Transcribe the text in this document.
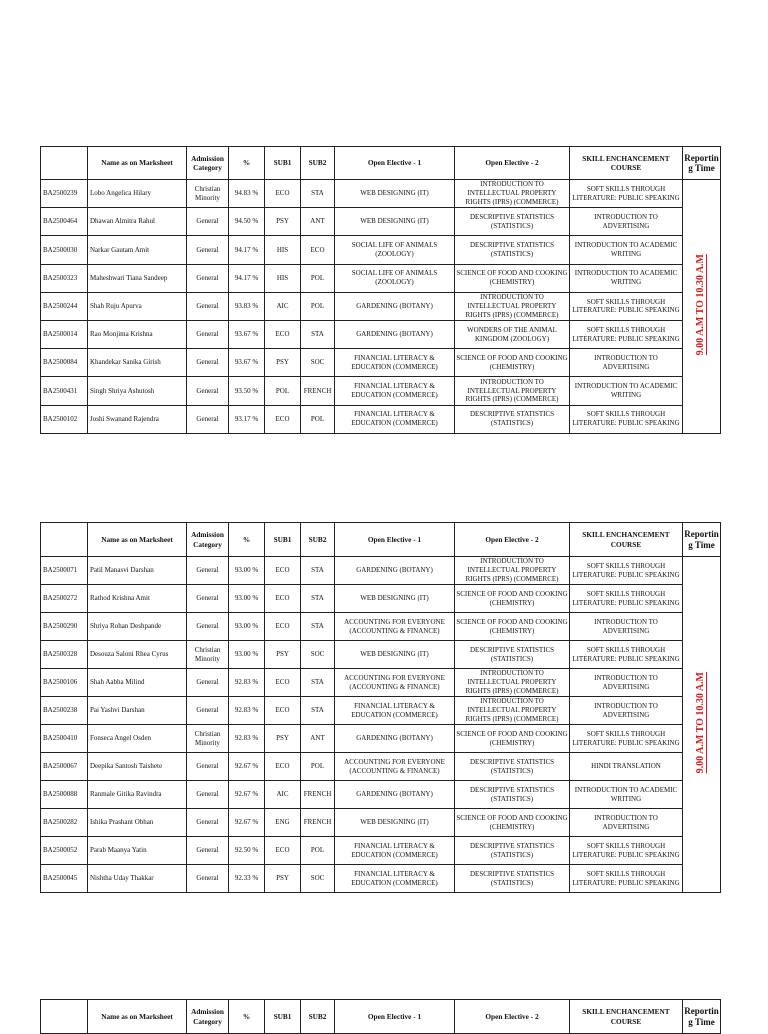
	Name as on Marksheet	Admission Category	%	SUB1	SUB2	Open Elective - 1	Open Elective - 2	SKILL ENCHANCEMENT COURSE	Reportin g Time
BA2500239	Lobo Angelica Hilary	Christian Minority	94.83 %	ECO	STA	WEB DESIGNING (IT)	INTRODUCTION TO INTELLECTUAL PROPERTY RIGHTS (IPRS) (COMMERCE)	SOFT SKILLS THROUGH LITERATURE: PUBLIC SPEAKING	9.00 A.M TO 10.30 A.M
BA2500464	Dhawan Almitra Rahul	General	94.50 %	PSY	ANT	WEB DESIGNING (IT)	DESCRIPTIVE STATISTICS (STATISTICS)	INTRODUCTION TO ADVERTISING	
BA2500030	Narkar Gautam Amit	General	94.17 %	HIS	ECO	SOCIAL LIFE OF ANIMALS (ZOOLOGY)	DESCRIPTIVE STATISTICS (STATISTICS)	INTRODUCTION TO ACADEMIC WRITING	
BA2500323	Maheshwari Tiana Sandeep	General	94.17 %	HIS	POL	SOCIAL LIFE OF ANIMALS (ZOOLOGY)	SCIENCE OF FOOD AND COOKING (CHEMISTRY)	INTRODUCTION TO ACADEMIC WRITING	
BA2500244	Shah Ruju Apurva	General	93.83 %	AIC	POL	GARDENING (BOTANY)	INTRODUCTION TO INTELLECTUAL PROPERTY RIGHTS (IPRS) (COMMERCE)	SOFT SKILLS THROUGH LITERATURE: PUBLIC SPEAKING	
BA2500014	Rao Monjima Krishna	General	93.67 %	ECO	STA	GARDENING (BOTANY)	WONDERS OF THE ANIMAL KINGDOM (ZOOLOGY)	SOFT SKILLS THROUGH LITERATURE: PUBLIC SPEAKING	
BA2500084	Khandekar Sanika Girish	General	93.67 %	PSY	SOC	FINANCIAL LITERACY & EDUCATION (COMMERCE)	SCIENCE OF FOOD AND COOKING (CHEMISTRY)	INTRODUCTION TO ADVERTISING	
BA2500431	Singh Shriya Ashutosh	General	93.50 %	POL	FRENCH	FINANCIAL LITERACY & EDUCATION (COMMERCE)	INTRODUCTION TO INTELLECTUAL PROPERTY RIGHTS (IPRS) (COMMERCE)	INTRODUCTION TO ACADEMIC WRITING	
BA2500102	Joshi Swanand Rajendra	General	93.17 %	ECO	POL	FINANCIAL LITERACY & EDUCATION (COMMERCE)	DESCRIPTIVE STATISTICS (STATISTICS)	SOFT SKILLS THROUGH LITERATURE: PUBLIC SPEAKING	
	Name as on Marksheet	Admission Category	%	SUB1	SUB2	Open Elective - 1	Open Elective - 2	SKILL ENCHANCEMENT COURSE	Reportin g Time
BA2500071	Patil Manasvi Darshan	General	93.00 %	ECO	STA	GARDENING (BOTANY)	INTRODUCTION TO INTELLECTUAL PROPERTY RIGHTS (IPRS) (COMMERCE)	SOFT SKILLS THROUGH LITERATURE: PUBLIC SPEAKING	9.00 A.M TO 10.30 A.M
BA2500272	Rathod Krishna Amit	General	93.00 %	ECO	STA	WEB DESIGNING (IT)	SCIENCE OF FOOD AND COOKING (CHEMISTRY)	SOFT SKILLS THROUGH LITERATURE: PUBLIC SPEAKING	
BA2500290	Shriya Rohan Deshpande	General	93.00 %	ECO	STA	ACCOUNTING FOR EVERYONE (ACCOUNTING & FINANCE)	SCIENCE OF FOOD AND COOKING (CHEMISTRY)	INTRODUCTION TO ADVERTISING	
BA2500328	Desouza Saloni Rhea Cyrus	Christian Minority	93.00 %	PSY	SOC	WEB DESIGNING (IT)	DESCRIPTIVE STATISTICS (STATISTICS)	SOFT SKILLS THROUGH LITERATURE: PUBLIC SPEAKING	
BA2500106	Shah Aabha Milind	General	92.83 %	ECO	STA	ACCOUNTING FOR EVERYONE (ACCOUNTING & FINANCE)	INTRODUCTION TO INTELLECTUAL PROPERTY RIGHTS (IPRS) (COMMERCE)	INTRODUCTION TO ADVERTISING	
BA2500238	Pai Yashvi Darshan	General	92.83 %	ECO	STA	FINANCIAL LITERACY & EDUCATION (COMMERCE)	INTRODUCTION TO INTELLECTUAL PROPERTY RIGHTS (IPRS) (COMMERCE)	INTRODUCTION TO ADVERTISING	
BA2500410	Fonseca Angel Osden	Christian Minority	92.83 %	PSY	ANT	GARDENING (BOTANY)	SCIENCE OF FOOD AND COOKING (CHEMISTRY)	SOFT SKILLS THROUGH LITERATURE: PUBLIC SPEAKING	
BA2500067	Deepika Santosh Taishete	General	92.67 %	ECO	POL	ACCOUNTING FOR EVERYONE (ACCOUNTING & FINANCE)	DESCRIPTIVE STATISTICS (STATISTICS)	HINDI TRANSLATION	
BA2500088	Ranmale Gitika Ravindra	General	92.67 %	AIC	FRENCH	GARDENING (BOTANY)	DESCRIPTIVE STATISTICS (STATISTICS)	INTRODUCTION TO ACADEMIC WRITING	
BA2500282	Ishika Prashant Obhan	General	92.67 %	ENG	FRENCH	WEB DESIGNING (IT)	SCIENCE OF FOOD AND COOKING (CHEMISTRY)	INTRODUCTION TO ADVERTISING	
BA2500052	Parab Maanya Yatin	General	92.50 %	ECO	POL	FINANCIAL LITERACY & EDUCATION (COMMERCE)	DESCRIPTIVE STATISTICS (STATISTICS)	SOFT SKILLS THROUGH LITERATURE: PUBLIC SPEAKING	
BA2500045	Nishtha Uday Thakkar	General	92.33 %	PSY	SOC	FINANCIAL LITERACY & EDUCATION (COMMERCE)	DESCRIPTIVE STATISTICS (STATISTICS)	SOFT SKILLS THROUGH LITERATURE: PUBLIC SPEAKING	
	Name as on Marksheet	Admission Category	%	SUB1	SUB2	Open Elective - 1	Open Elective - 2	SKILL ENCHANCEMENT COURSE	Reportin g Time
